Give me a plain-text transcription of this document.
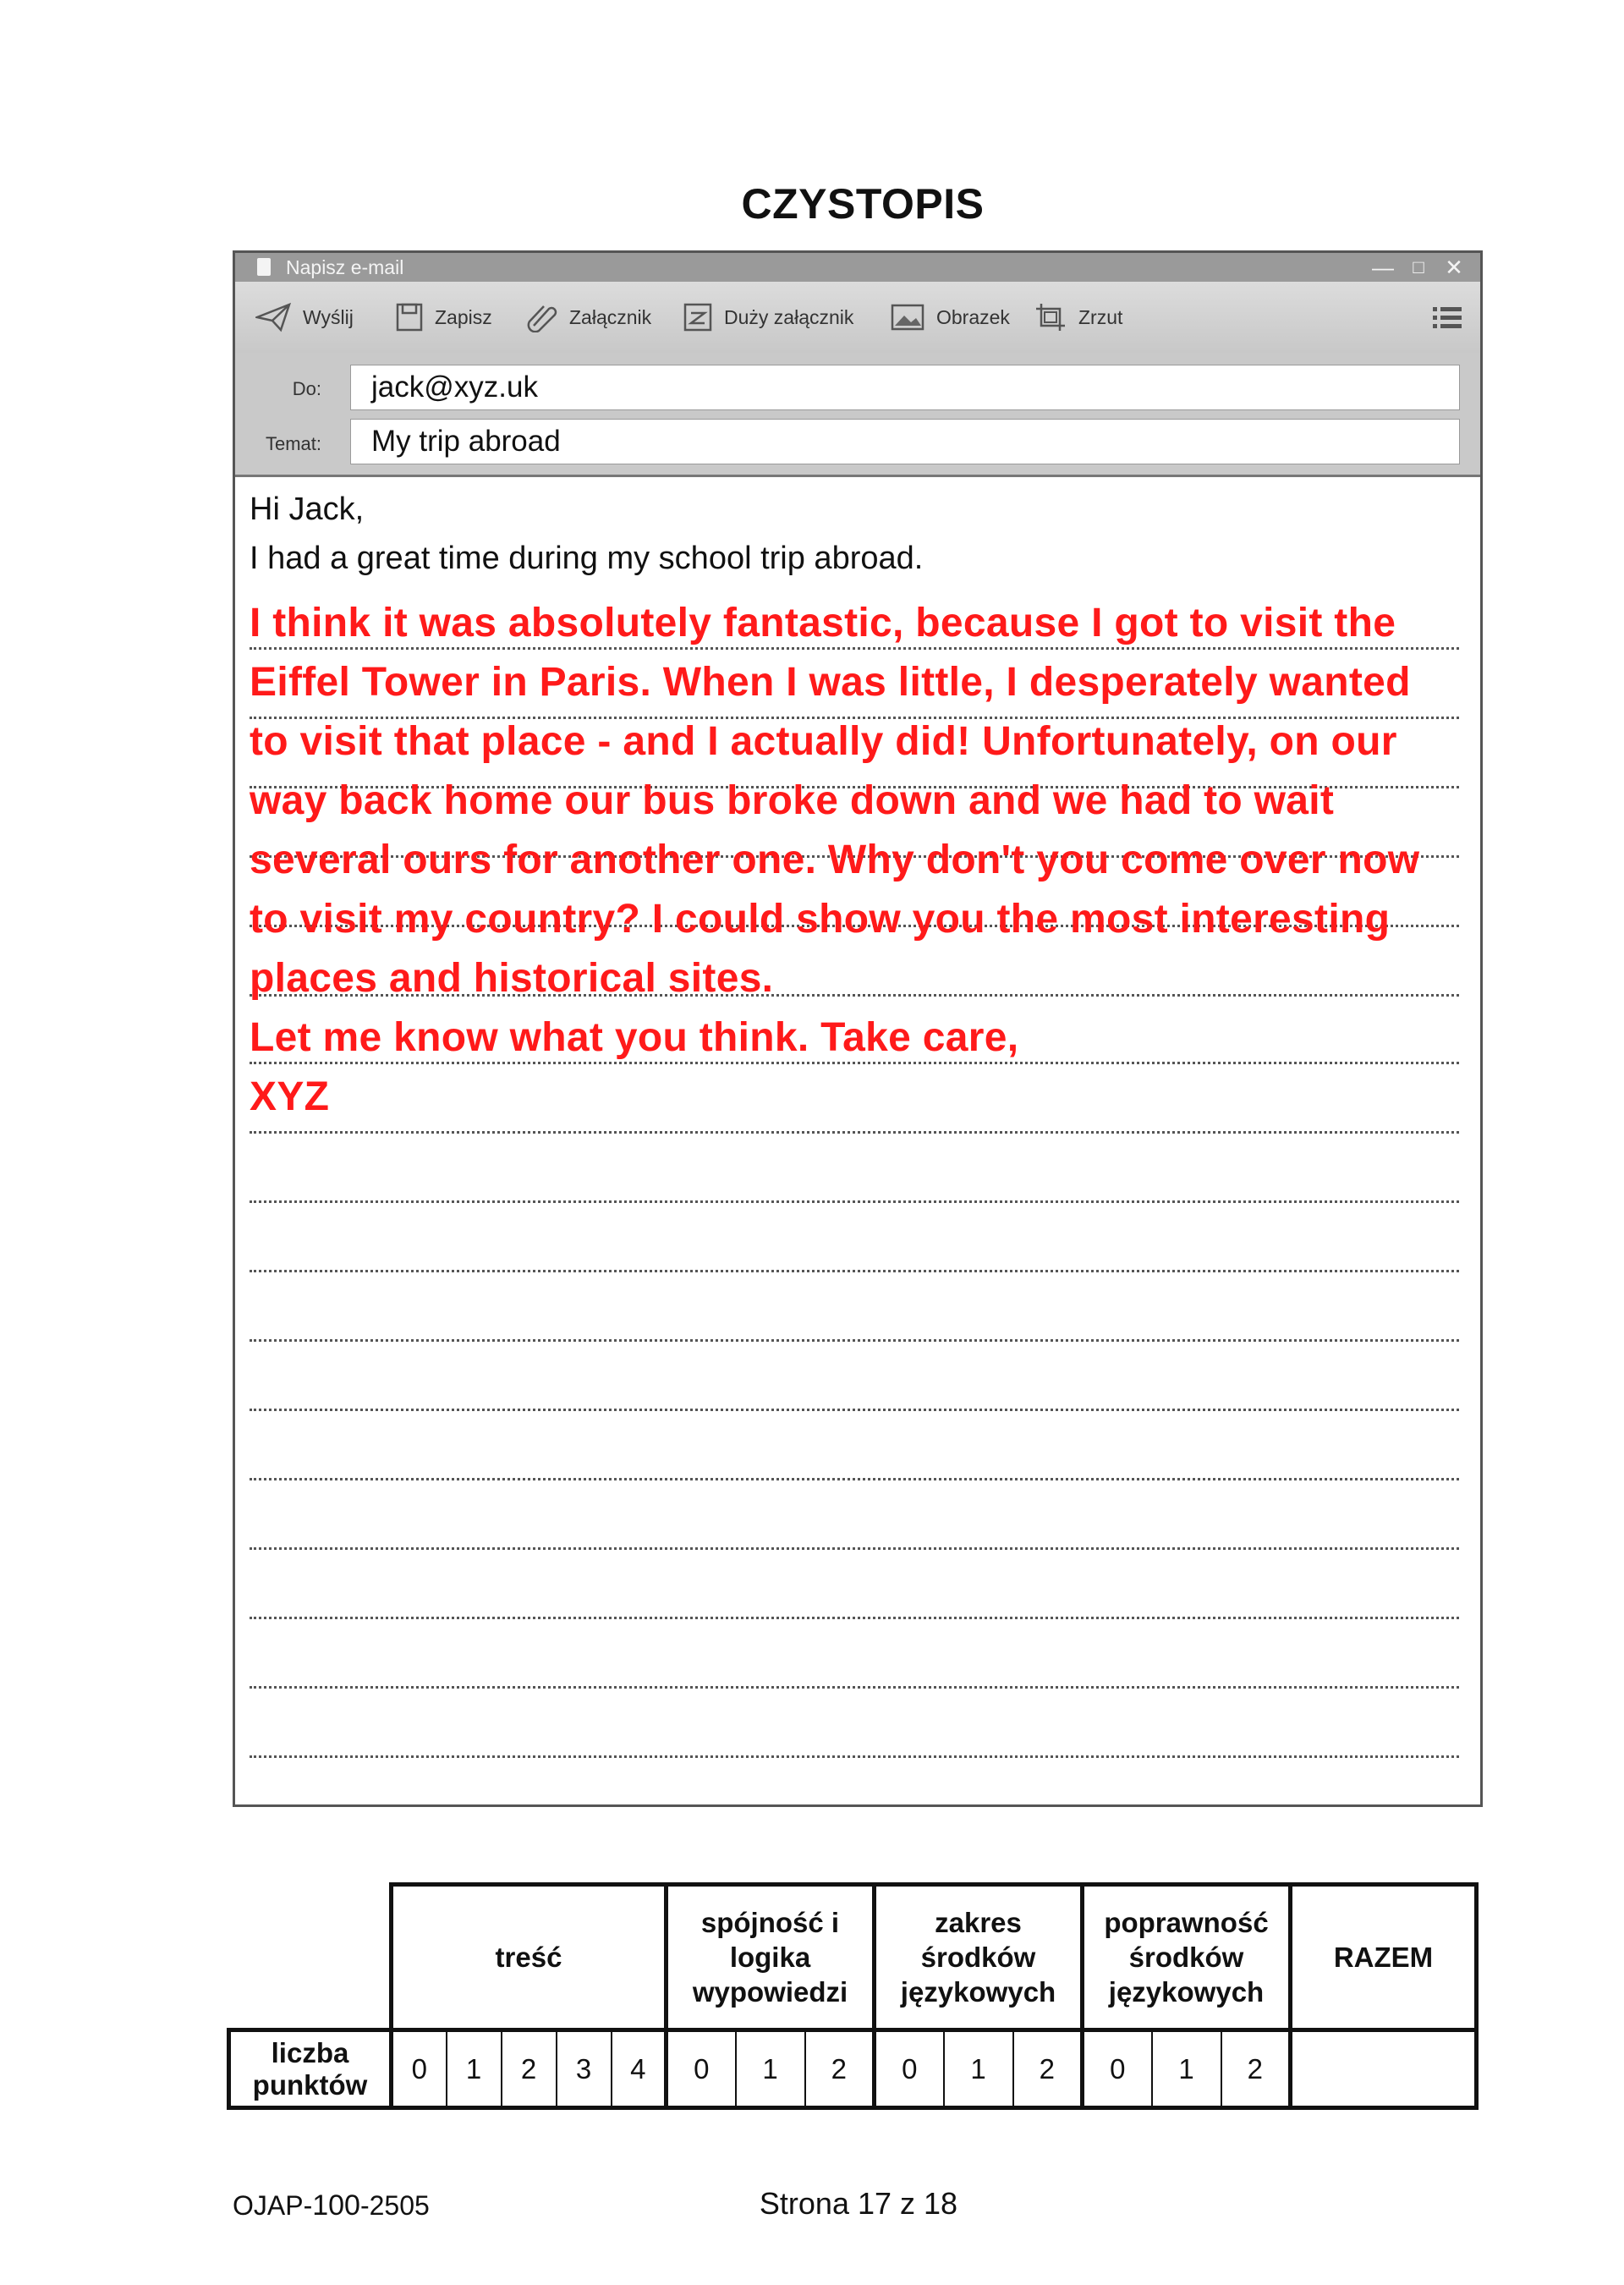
CZYSTOPIS
Napisz e-mail	—	□ ✕
Wyślij	Zapisz	Załącznik	Duży załącznik	Obrazek	Zrzut
Do:	jack@xyz.uk
Temat:	My trip abroad
Hi Jack,
I had a great time during my school trip abroad.
I think it was absolutely fantastic, because I got to visit the
Eiffel Tower in Paris. When I was little, I desperately wanted
to visit that place - and I actually did! Unfortunately, on our
way back home our bus broke down and we had to wait
several ours for another one. Why don't you come over now
to visit my country? I could show you the most interesting
places and historical sites.
Let me know what you think. Take care,
XYZ
	treść					spójność i logika wypowiedzi			zakres środków językowych			poprawność środków językowych			RAZEM
liczba punktów	0	1	2	3	4	0	1	2	0	1	2	0	1	2	
OJAP-100-2505	Strona 17 z 18
